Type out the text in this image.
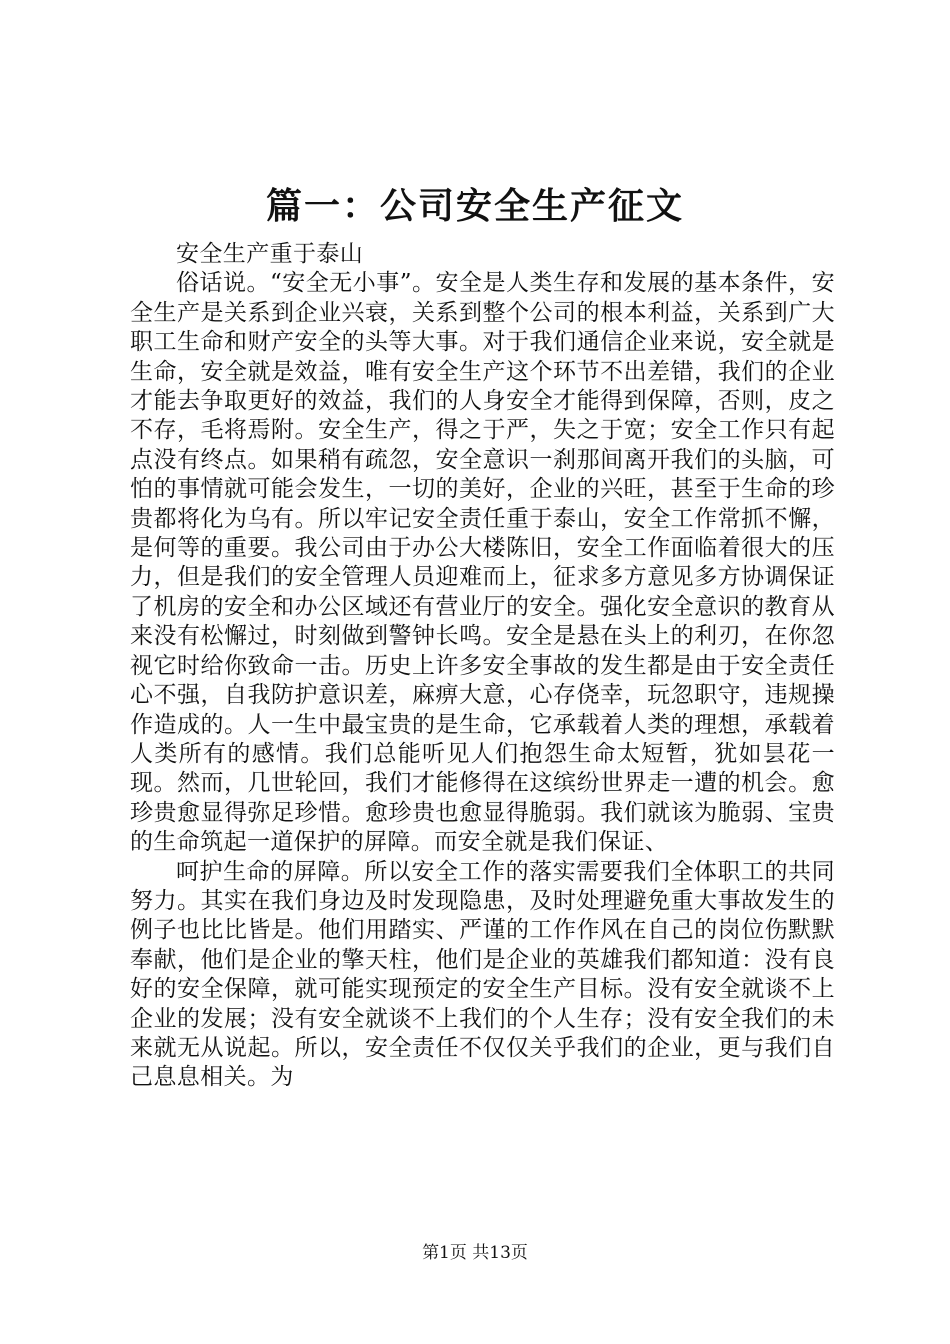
篇一：公司安全生产征文

安全生产重于泰山

俗话说。“安全无小事”。安全是人类生存和发展的基本条件，安全生产是关系到企业兴衰，关系到整个公司的根本利益，关系到广大职工生命和财产安全的头等大事。对于我们通信企业来说，安全就是生命，安全就是效益，唯有安全生产这个环节不出差错，我们的企业才能去争取更好的效益，我们的人身安全才能得到保障，否则，皮之不存，毛将焉附。安全生产，得之于严，失之于宽；安全工作只有起点没有终点。如果稍有疏忽，安全意识一刹那间离开我们的头脑，可怕的事情就可能会发生，一切的美好，企业的兴旺，甚至于生命的珍贵都将化为乌有。所以牢记安全责任重于泰山，安全工作常抓不懈，是何等的重要。我公司由于办公大楼陈旧，安全工作面临着很大的压力，但是我们的安全管理人员迎难而上，征求多方意见多方协调保证了机房的安全和办公区域还有营业厅的安全。强化安全意识的教育从来没有松懈过，时刻做到警钟长鸣。安全是悬在头上的利刃，在你忽视它时给你致命一击。历史上许多安全事故的发生都是由于安全责任心不强，自我防护意识差，麻痹大意，心存侥幸，玩忽职守，违规操作造成的。人一生中最宝贵的是生命，它承载着人类的理想，承载着人类所有的感情。我们总能听见人们抱怨生命太短暂，犹如昙花一现。然而，几世轮回，我们才能修得在这缤纷世界走一遭的机会。愈珍贵愈显得弥足珍惜。愈珍贵也愈显得脆弱。我们就该为脆弱、宝贵的生命筑起一道保护的屏障。而安全就是我们保证、

呵护生命的屏障。所以安全工作的落实需要我们全体职工的共同努力。其实在我们身边及时发现隐患，及时处理避免重大事故发生的例子也比比皆是。他们用踏实、严谨的工作作风在自己的岗位伤默默奉献，他们是企业的擎天柱，他们是企业的英雄我们都知道：没有良好的安全保障，就可能实现预定的安全生产目标。没有安全就谈不上企业的发展；没有安全就谈不上我们的个人生存；没有安全我们的未来就无从说起。所以，安全责任不仅仅关乎我们的企业，更与我们自己息息相关。为

第1页 共13页
